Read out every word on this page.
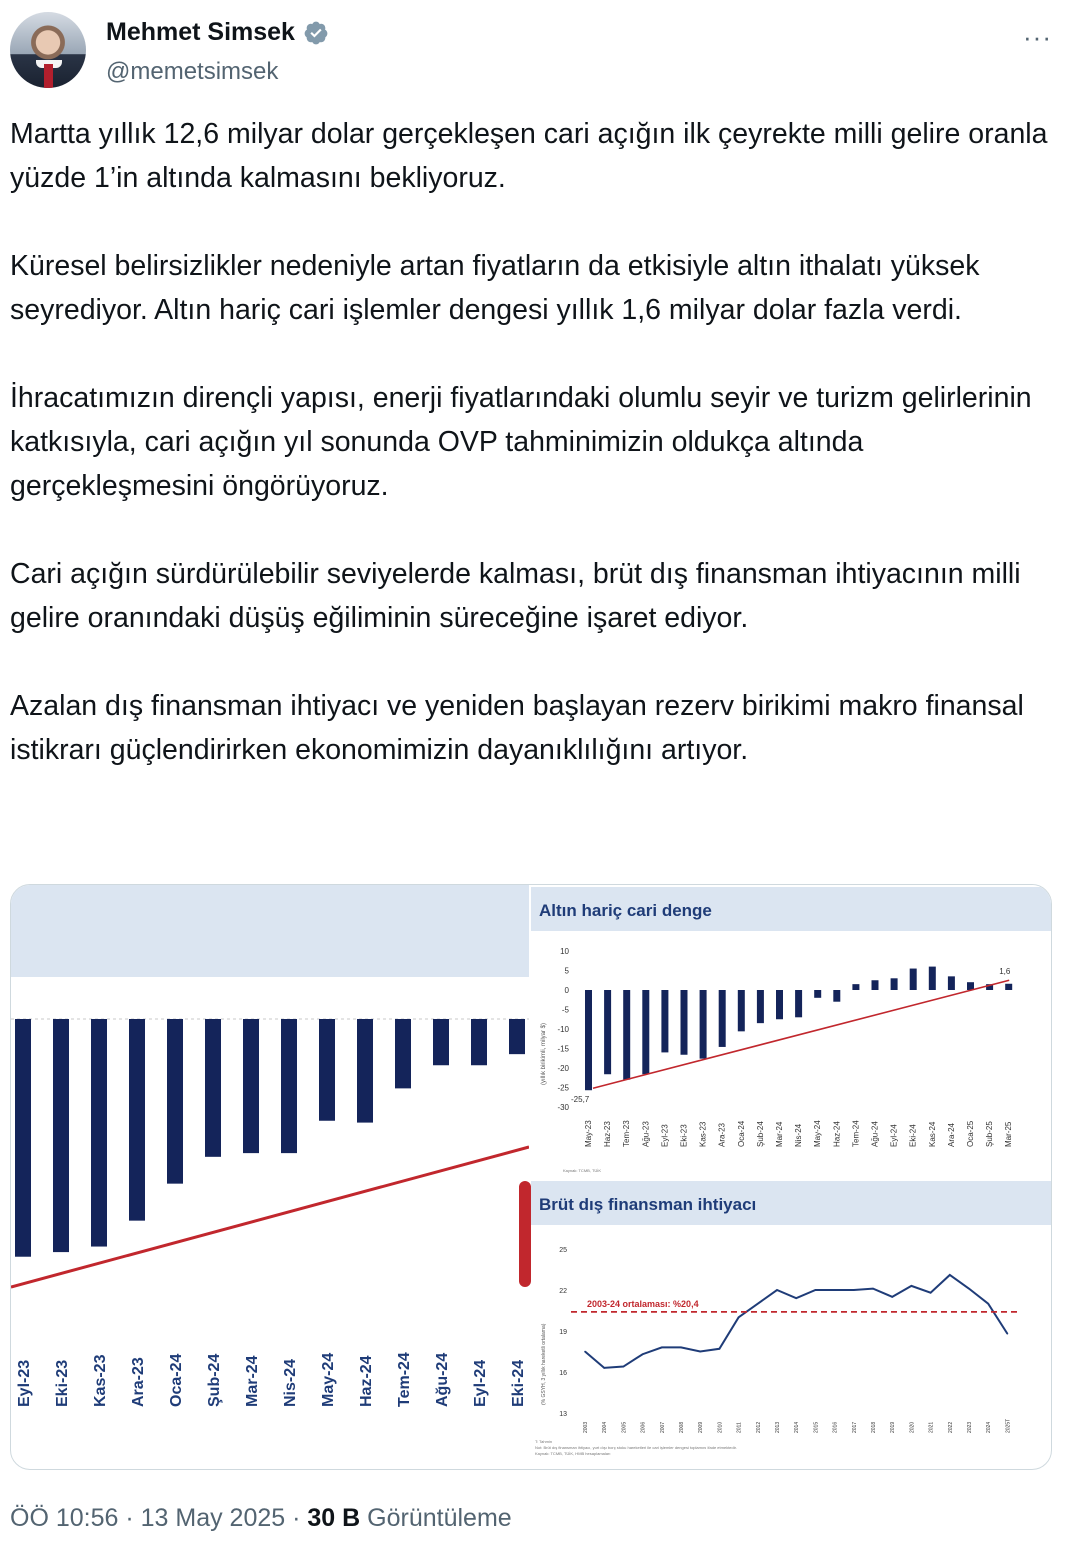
Mehmet Simsek
@memetsimsek
···

Martta yıllık 12,6 milyar dolar gerçekleşen cari açığın ilk çeyrekte milli gelire oranla yüzde 1’in altında kalmasını bekliyoruz.

Küresel belirsizlikler nedeniyle artan fiyatların da etkisiyle altın ithalatı yüksek seyrediyor. Altın hariç cari işlemler dengesi yıllık 1,6 milyar dolar fazla verdi.

İhracatımızın dirençli yapısı, enerji fiyatlarındaki olumlu seyir ve turizm gelirlerinin katkısıyla, cari açığın yıl sonunda OVP tahminimizin oldukça altında gerçekleşmesini öngörüyoruz.

Cari açığın sürdürülebilir seviyelerde kalması, brüt dış finansman ihtiyacının milli gelire oranındaki düşüş eğiliminin süreceğine işaret ediyor.

Azalan dış finansman ihtiyacı ve yeniden başlayan rezerv birikimi makro finansal istikrarı güçlendirirken ekonomimizin dayanıklılığını artıyor.

Eyl-23 Eki-23 Kas-23 Ara-23 Oca-24 Şub-24 Mar-24 Nis-24 May-24 Haz-24 Tem-24 Ağu-24 Eyl-24 Eki-24
Altın hariç cari denge
10
5
0
-5
-10
-15
-20
-25
-30
(yıllık birikimli, milyar $)
May-23 Haz-23 Tem-23 Ağu-23 Eyl-23 Eki-23 Kas-23 Ara-23 Oca-24 Şub-24 Mar-24 Nis-24 May-24 Haz-24 Tem-24 Ağu-24 Eyl-24 Eki-24 Kas-24 Ara-24 Oca-25 Şub-25 Mar-25
-25,7
1,6
Kaynak: TCMB, TÜİK
Brüt dış finansman ihtiyacı
25
22
19
16
13
(% GSYH, 3 yıllık hareketli ortalama)
2003	2004	2005	2006	2007	2008	2009	2010	2011	2012	2013	2014	2015	2016	2017	2018	2019	2020	2021	2022	2023	2024	2025T
2003-24 ortalaması: %20,4
T: Tahmin
Not: Brüt dış finansman ihtiyacı, yurt dışı borç stoku hareketleri ile cari işlemler dengesi toplamını ifade etmektedir.
Kaynak: TCMB, TÜİK, HMB hesaplamaları
ÖÖ 10:56 · 13 May 2025 · 30 B Görüntüleme
